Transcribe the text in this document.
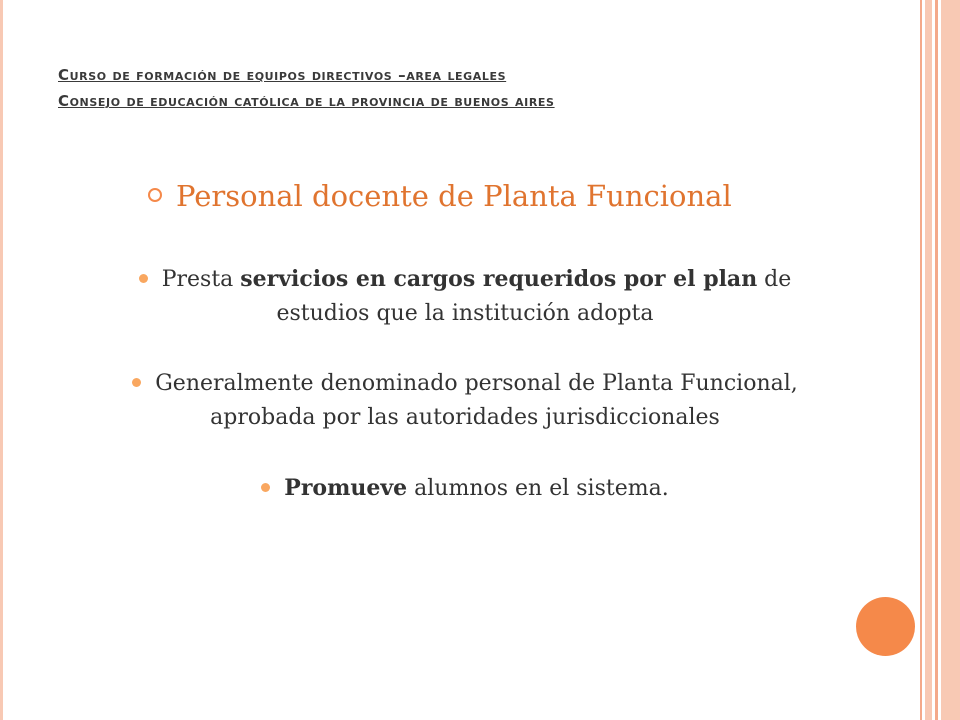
Curso de formación de equipos directivos –area legales
Consejo de educación católica de la provincia de buenos aires
Personal docente de Planta Funcional
Presta servicios en cargos requeridos por el plan de estudios que la institución adopta
Generalmente denominado personal de Planta Funcional, aprobada por las autoridades jurisdiccionales
Promueve alumnos en el sistema.
